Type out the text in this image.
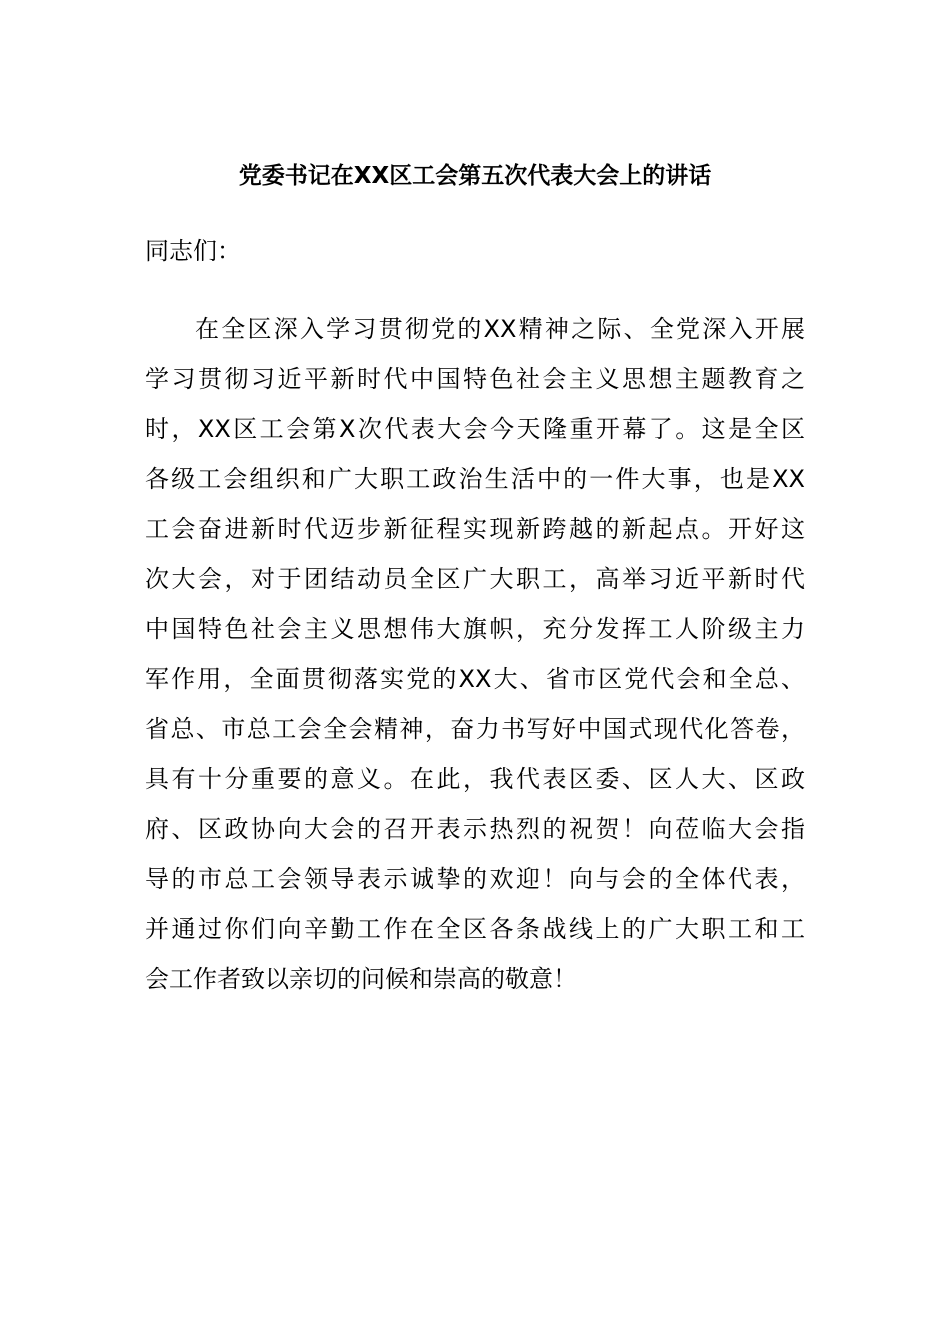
党委书记在XX区工会第五次代表大会上的讲话
同志们：
在全区深入学习贯彻党的XX精神之际、全党深入开展
学习贯彻习近平新时代中国特色社会主义思想主题教育之
时，XX区工会第X次代表大会今天隆重开幕了。这是全区
各级工会组织和广大职工政治生活中的一件大事，也是XX
工会奋进新时代迈步新征程实现新跨越的新起点。开好这
次大会，对于团结动员全区广大职工，高举习近平新时代
中国特色社会主义思想伟大旗帜，充分发挥工人阶级主力
军作用，全面贯彻落实党的XX大、省市区党代会和全总、
省总、市总工会全会精神，奋力书写好中国式现代化答卷，
具有十分重要的意义。在此，我代表区委、区人大、区政
府、区政协向大会的召开表示热烈的祝贺！向莅临大会指
导的市总工会领导表示诚挚的欢迎！向与会的全体代表，
并通过你们向辛勤工作在全区各条战线上的广大职工和工
会工作者致以亲切的问候和崇高的敬意！
